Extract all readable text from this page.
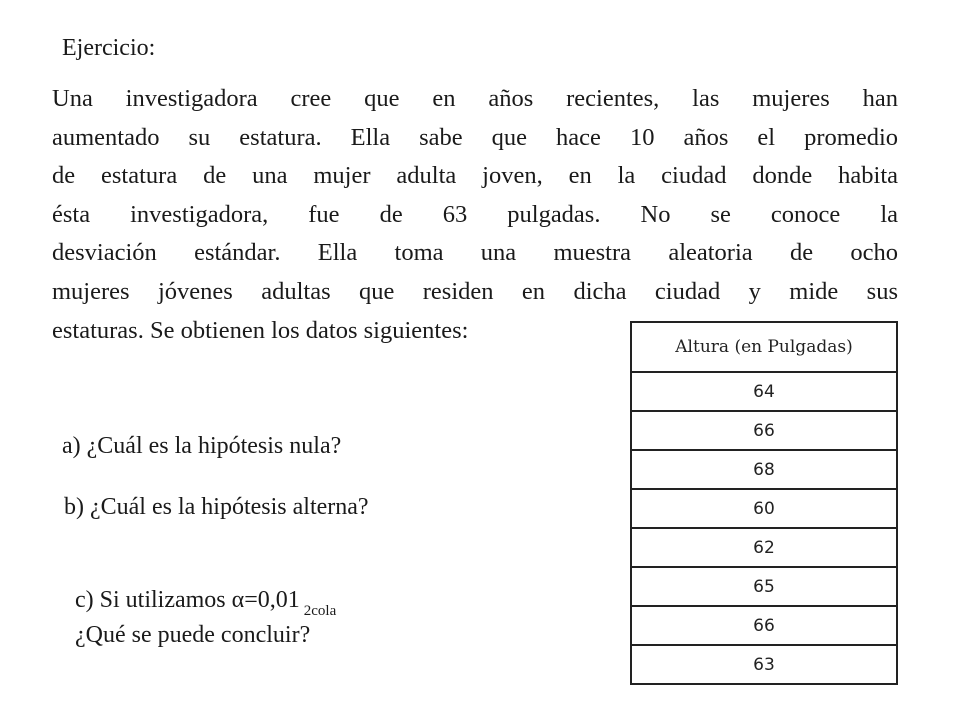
Ejercicio:
Una investigadora cree que en años recientes, las mujeres han
aumentado su estatura. Ella sabe que hace 10 años el promedio
de estatura de una mujer adulta joven, en la ciudad donde habita
ésta investigadora, fue de 63 pulgadas. No se conoce la
desviación estándar. Ella toma una muestra aleatoria de ocho
mujeres jóvenes adultas que residen en dicha ciudad y mide sus
estaturas. Se obtienen los datos siguientes:
a) ¿Cuál es la hipótesis nula?
b) ¿Cuál es la hipótesis alterna?
c) Si utilizamos α=0,01 $_{2cola}$
¿Qué se puede concluir?
Altura (en Pulgadas)
64
66
68
60
62
65
66
63
